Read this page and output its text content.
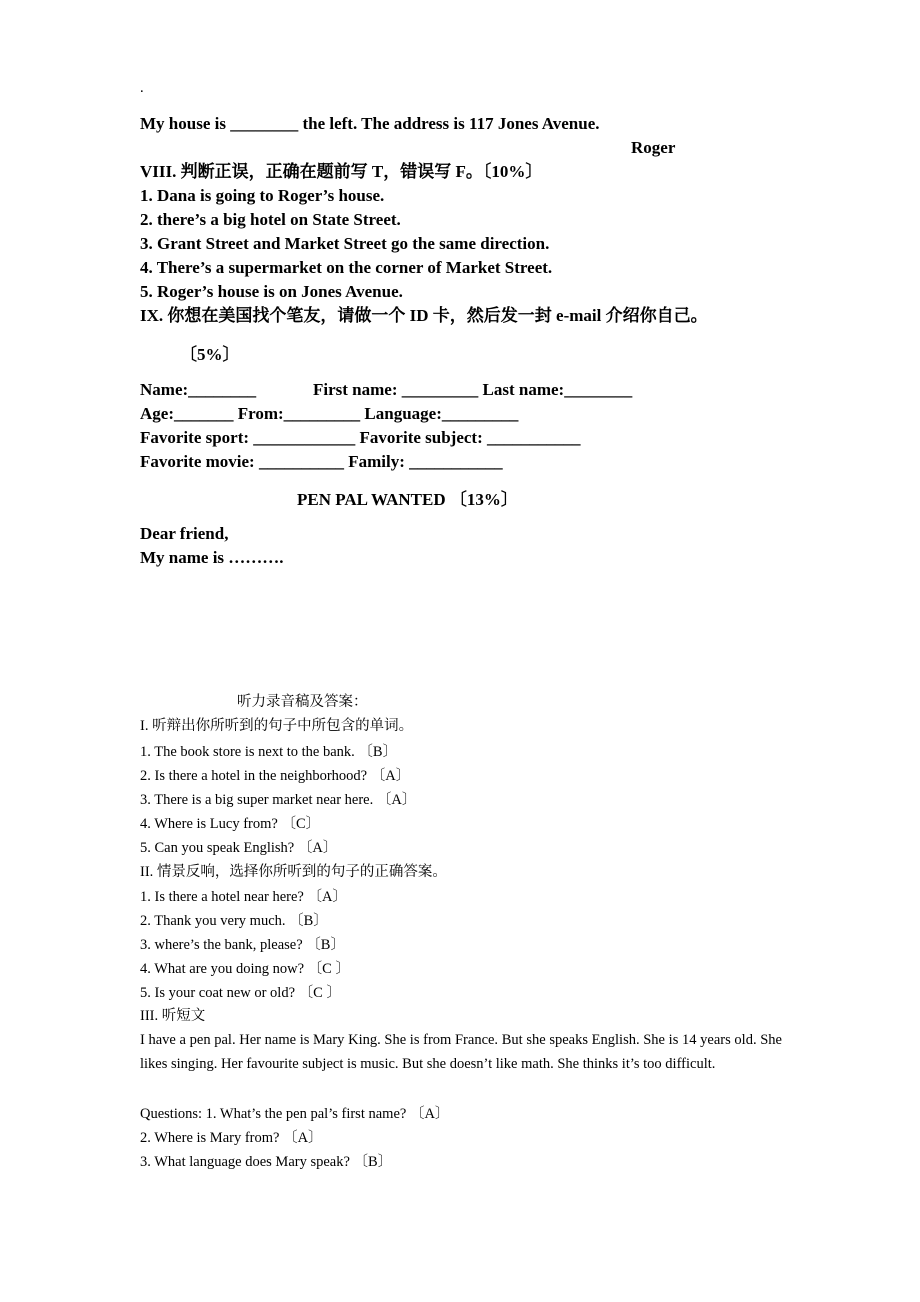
.
My house is ________ the left. The address is 117 Jones Avenue.
Roger
VIII. 判断正误，正确在题前写 T，错误写 F。〔10%〕
1. Dana is going to Roger’s house.
2. there’s a big hotel on State Street.
3. Grant Street and Market Street go the same direction.
4. There’s a supermarket on the corner of Market Street.
5. Roger’s house is on Jones Avenue.
IX. 你想在美国找个笔友，请做一个 ID 卡，然后发一封 e-mail 介绍你自己。
〔5%〕
Name:________	First name: _________ Last name:________
Age:_______ From:_________ Language:_________
Favorite sport: ____________ Favorite subject: ___________
Favorite movie: __________ Family: ___________
PEN PAL WANTED 〔13%〕
Dear friend,
My name is ……….
听力录音稿及答案：
I. 听辩出你所听到的句子中所包含的单词。
1. The book store is next to the bank. 〔B〕
2. Is there a hotel in the neighborhood? 〔A〕
3. There is a big super market near here. 〔A〕
4. Where is Lucy from? 〔C〕
5. Can you speak English? 〔A〕
II. 情景反响，选择你所听到的句子的正确答案。
1. Is there a hotel near here? 〔A〕
2. Thank you very much. 〔B〕
3. where’s the bank, please? 〔B〕
4. What are you doing now? 〔C 〕
5. Is your coat new or old? 〔C 〕
III. 听短文
I have a pen pal. Her name is Mary King. She is from France. But she speaks English. She is 14 years old. She likes singing. Her favourite subject is music. But she doesn’t like math. She thinks it’s too difficult.
Questions: 1. What’s the pen pal’s first name? 〔A〕
2. Where is Mary from? 〔A〕
3. What language does Mary speak? 〔B〕
